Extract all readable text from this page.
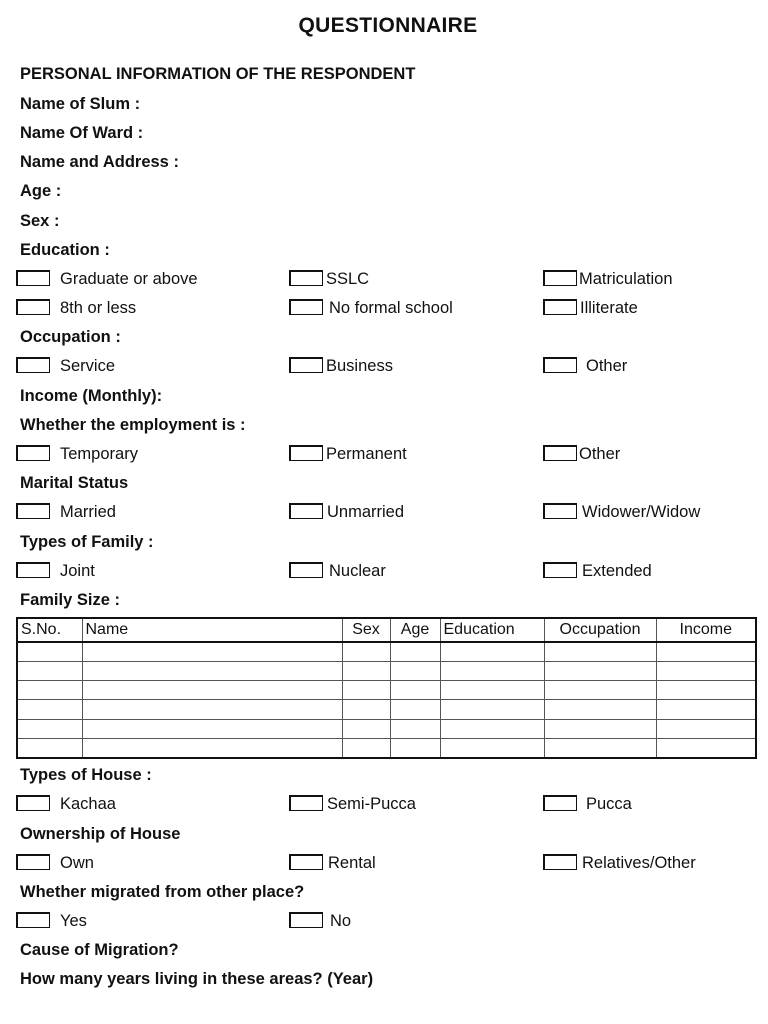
QUESTIONNAIRE
PERSONAL INFORMATION OF THE RESPONDENT
Name of Slum :
Name Of Ward :
Name and Address :
Age :
Sex :
Education :
Graduate or above	SSLC	Matriculation
8th or less	No formal school	Illiterate
Occupation :
Service	Business	Other
Income (Monthly):
Whether the employment is :
Temporary	Permanent	Other
Marital Status
Married	Unmarried	Widower/Widow
Types of Family :
Joint	Nuclear	Extended
Family Size :
S.No.	Name	Sex	Age	Education	Occupation	Income

Types of House :
Kachaa	Semi-Pucca	Pucca
Ownership of House
Own	Rental	Relatives/Other
Whether migrated from other place?
Yes	No
Cause of Migration?
How many years living in these areas? (Year)
